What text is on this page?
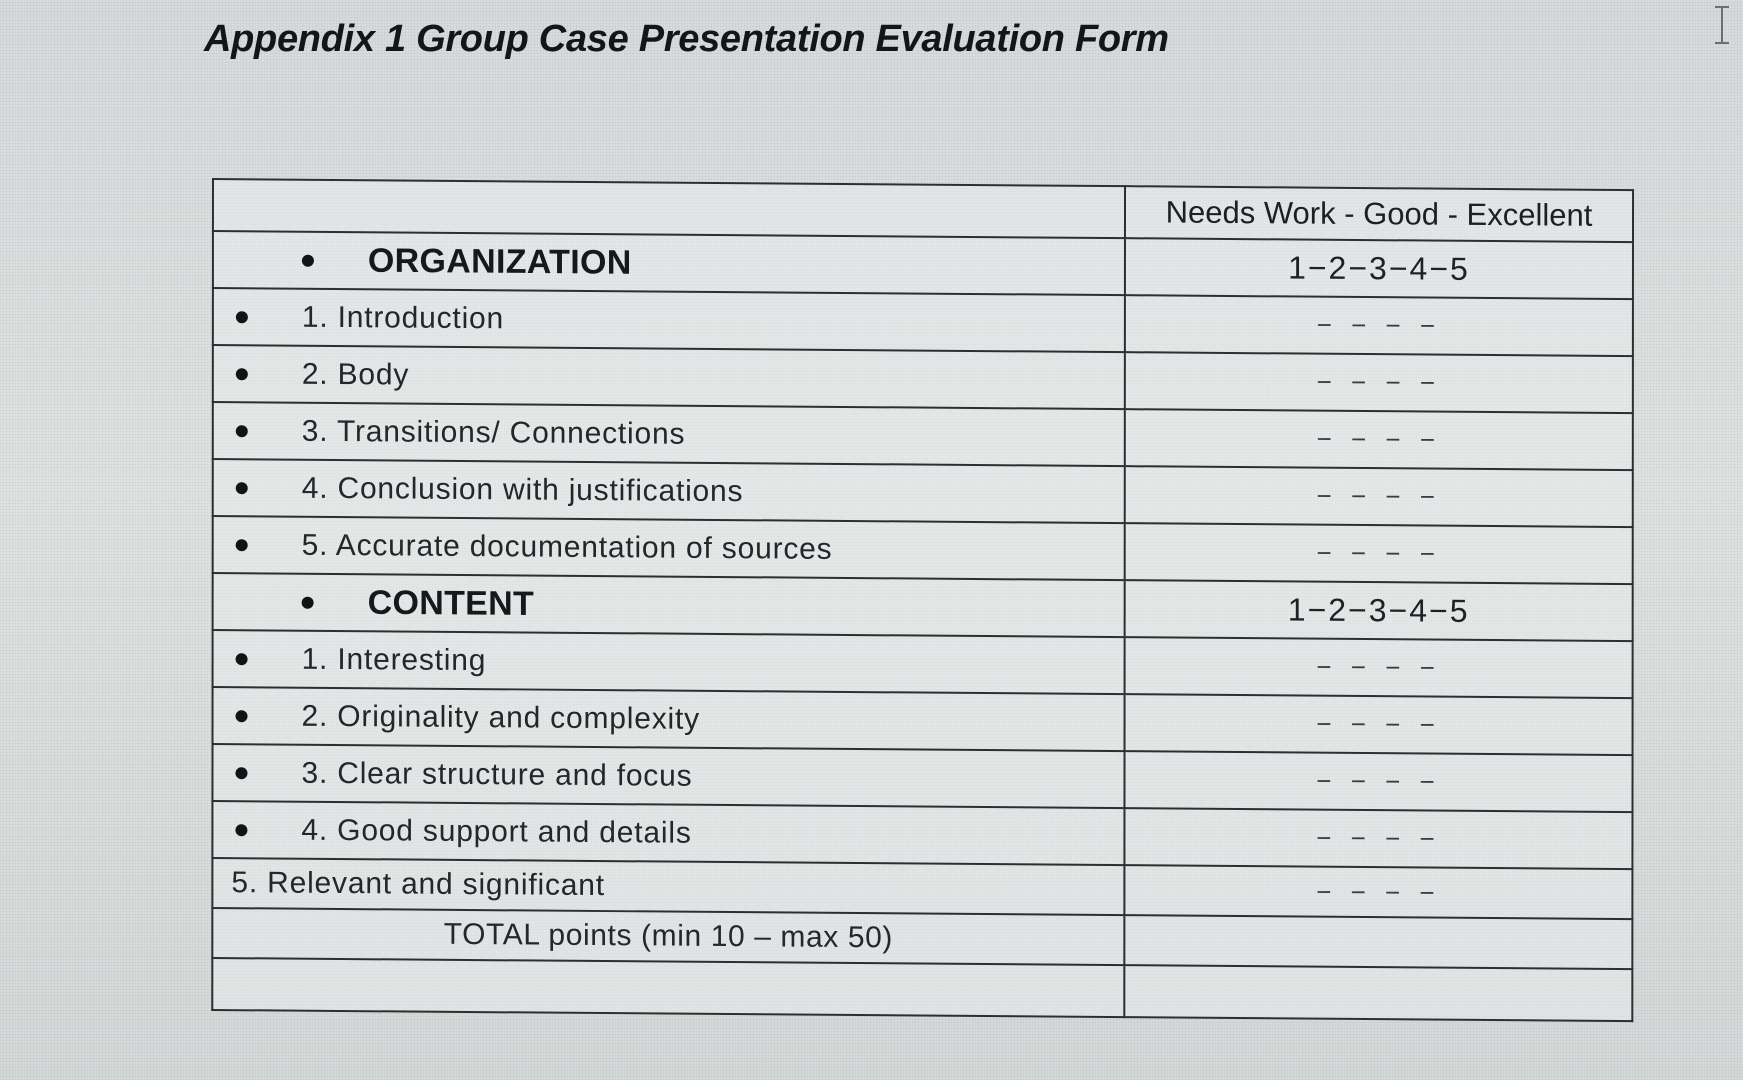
Appendix 1 Group Case Presentation Evaluation Form
	Needs Work - Good - Excellent

ORGANIZATION	1−2−3−4−5

1. Introduction	− − − −

2. Body	− − − −

3. Transitions/ Connections	− − − −

4. Conclusion with justifications	− − − −

5. Accurate documentation of sources	− − − −

CONTENT	1−2−3−4−5

1. Interesting	− − − −

2. Originality and complexity	− − − −

3. Clear structure and focus	− − − −

4. Good support and details	− − − −

5. Relevant and significant	− − − −
TOTAL points (min 10 – max 50)	
